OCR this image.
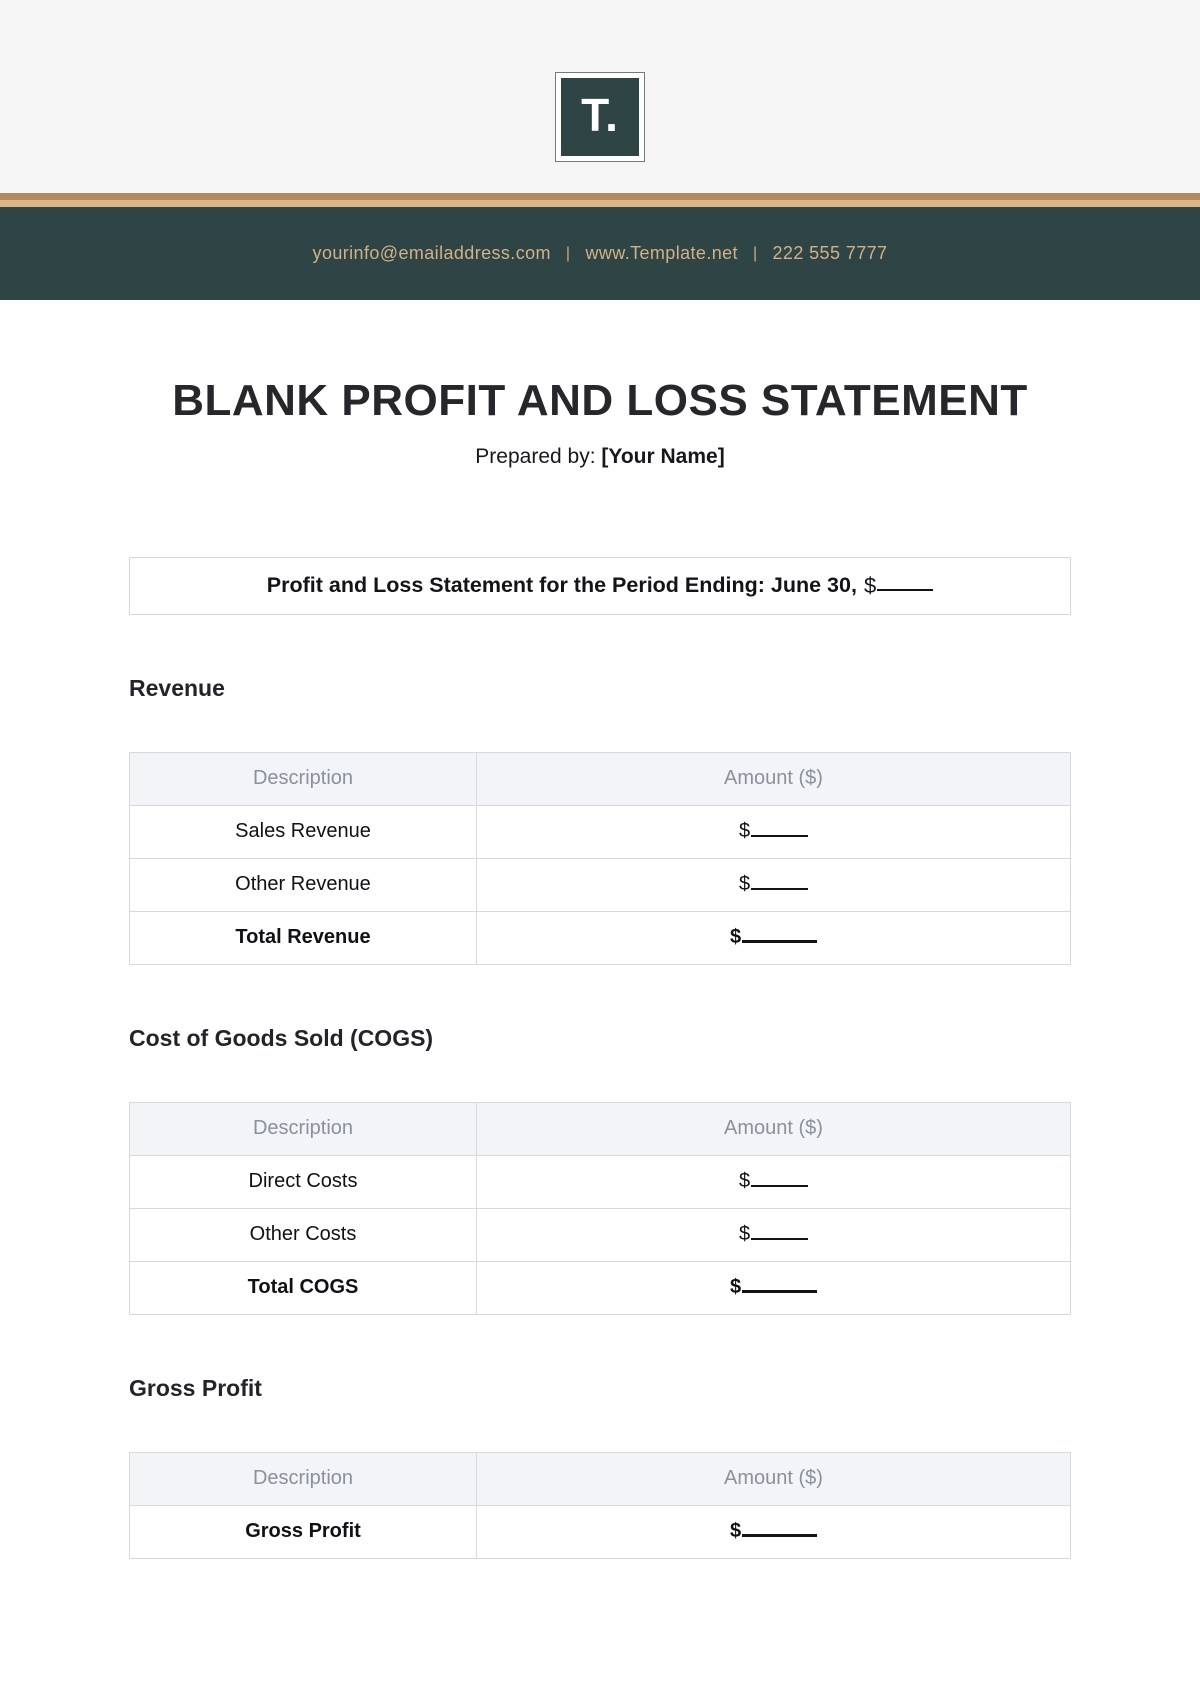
T.
yourinfo@emailaddress.com | www.Template.net | 222 555 7777
BLANK PROFIT AND LOSS STATEMENT

Prepared by: [Your Name]

Profit and Loss Statement for the Period Ending: June 30, $
Revenue
Description	Amount ($)
Sales Revenue	$
Other Revenue	$
Total Revenue	$
Cost of Goods Sold (COGS)
Description	Amount ($)
Direct Costs	$
Other Costs	$
Total COGS	$
Gross Profit
Description	Amount ($)
Gross Profit	$
